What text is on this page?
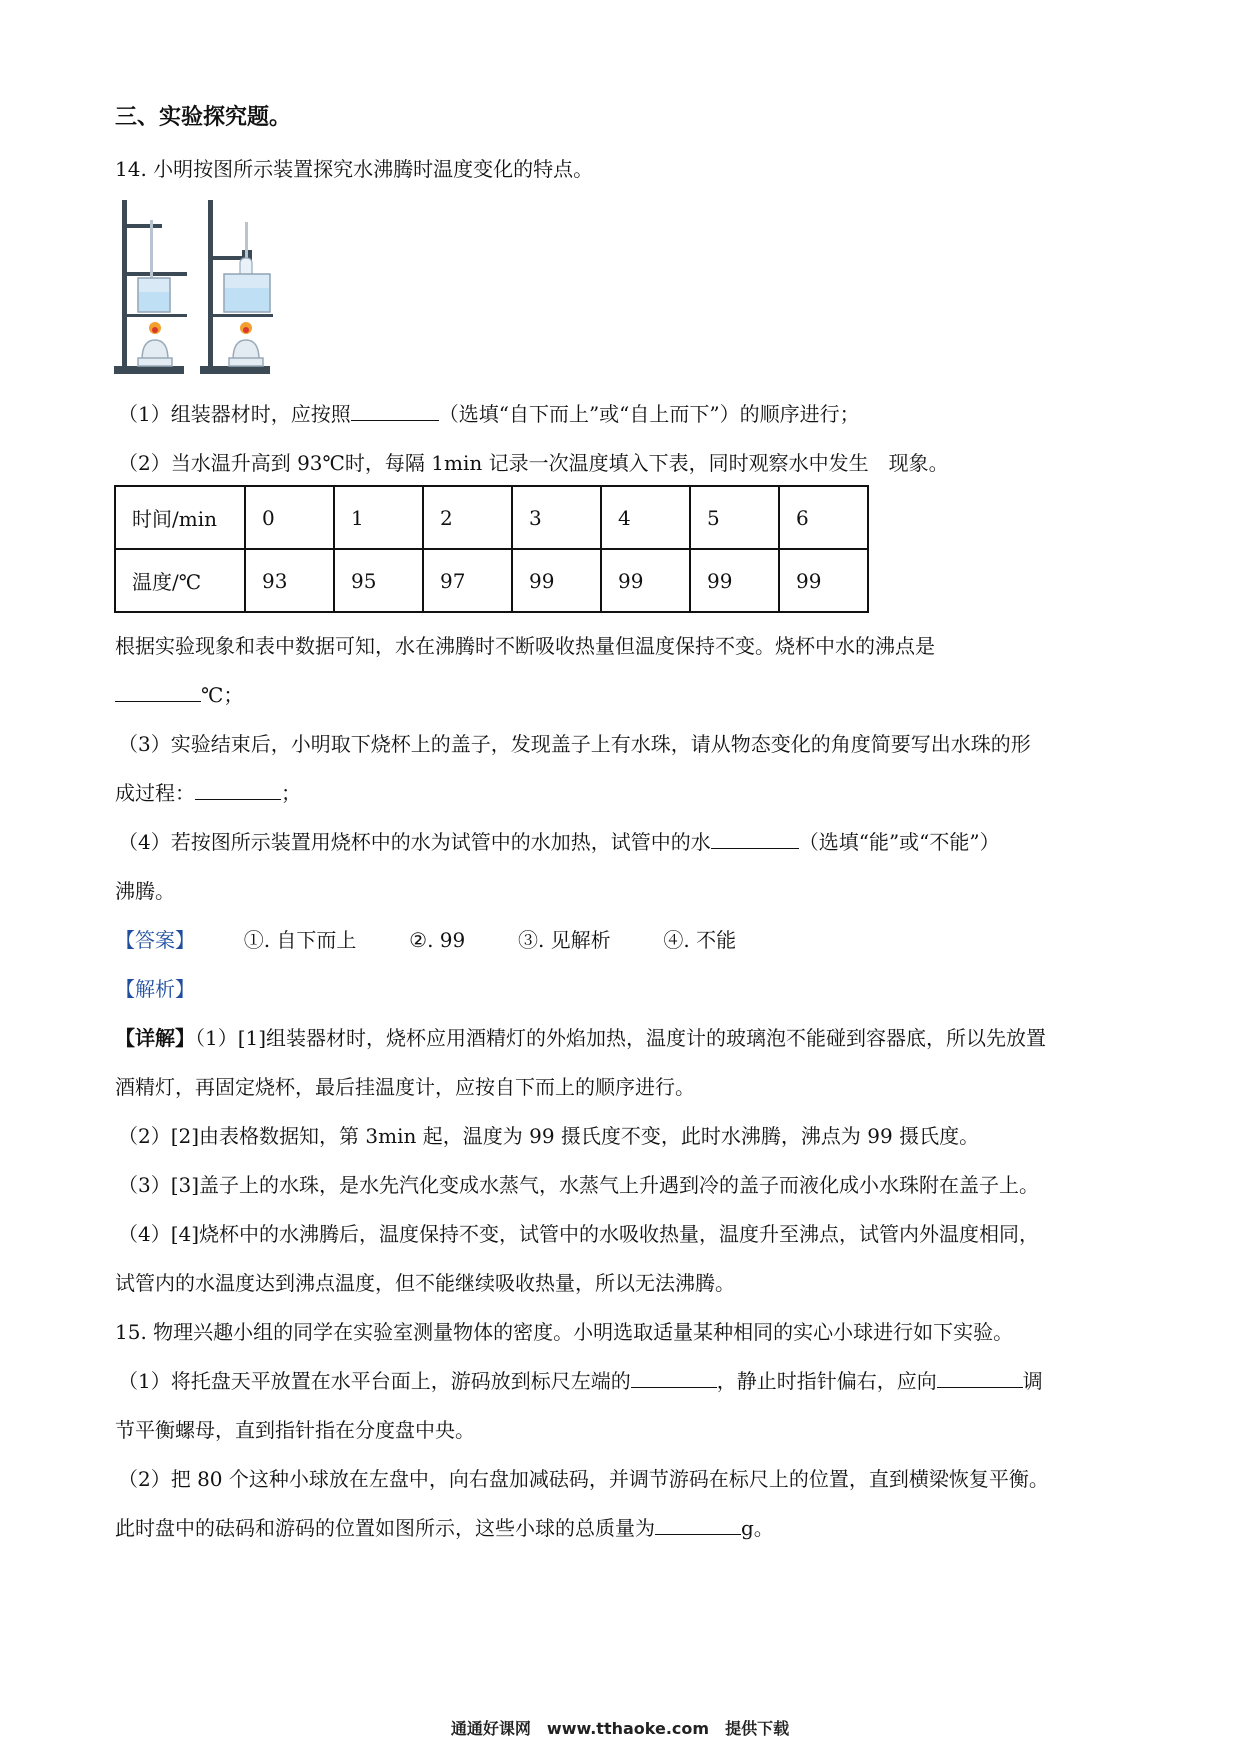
三、实验探究题。
14. 小明按图所示装置探究水沸腾时温度变化的特点。
（1）组装器材时，应按照	（选填“自下而上”或“自上而下”）的顺序进行；
（2）当水温升高到 93℃时，每隔 1min 记录一次温度填入下表，同时观察水中发生　现象。
时间/min	0	1	2	3	4	5	6
温度/℃	93	95	97	99	99	99	99
根据实验现象和表中数据可知，水在沸腾时不断吸收热量但温度保持不变。烧杯中水的沸点是
℃；
（3）实验结束后，小明取下烧杯上的盖子，发现盖子上有水珠，请从物态变化的角度简要写出水珠的形
成过程：	；
（4）若按图所示装置用烧杯中的水为试管中的水加热，试管中的水	（选填“能”或“不能”）
沸腾。
【答案】 ①. 自下而上	②. 99	③. 见解析	④. 不能
【解析】
【详解】（1）[1]组装器材时，烧杯应用酒精灯的外焰加热，温度计的玻璃泡不能碰到容器底，所以先放置
酒精灯，再固定烧杯，最后挂温度计，应按自下而上的顺序进行。
（2）[2]由表格数据知，第 3min 起，温度为 99 摄氏度不变，此时水沸腾，沸点为 99 摄氏度。
（3）[3]盖子上的水珠，是水先汽化变成水蒸气，水蒸气上升遇到冷的盖子而液化成小水珠附在盖子上。
（4）[4]烧杯中的水沸腾后，温度保持不变，试管中的水吸收热量，温度升至沸点，试管内外温度相同，
试管内的水温度达到沸点温度，但不能继续吸收热量，所以无法沸腾。
15. 物理兴趣小组的同学在实验室测量物体的密度。小明选取适量某种相同的实心小球进行如下实验。
（1）将托盘天平放置在水平台面上，游码放到标尺左端的	，静止时指针偏右，应向	调
节平衡螺母，直到指针指在分度盘中央。
（2）把 80 个这种小球放在左盘中，向右盘加减砝码，并调节游码在标尺上的位置，直到横梁恢复平衡。
此时盘中的砝码和游码的位置如图所示，这些小球的总质量为	g。
通通好课网　www.tthaoke.com　提供下载
